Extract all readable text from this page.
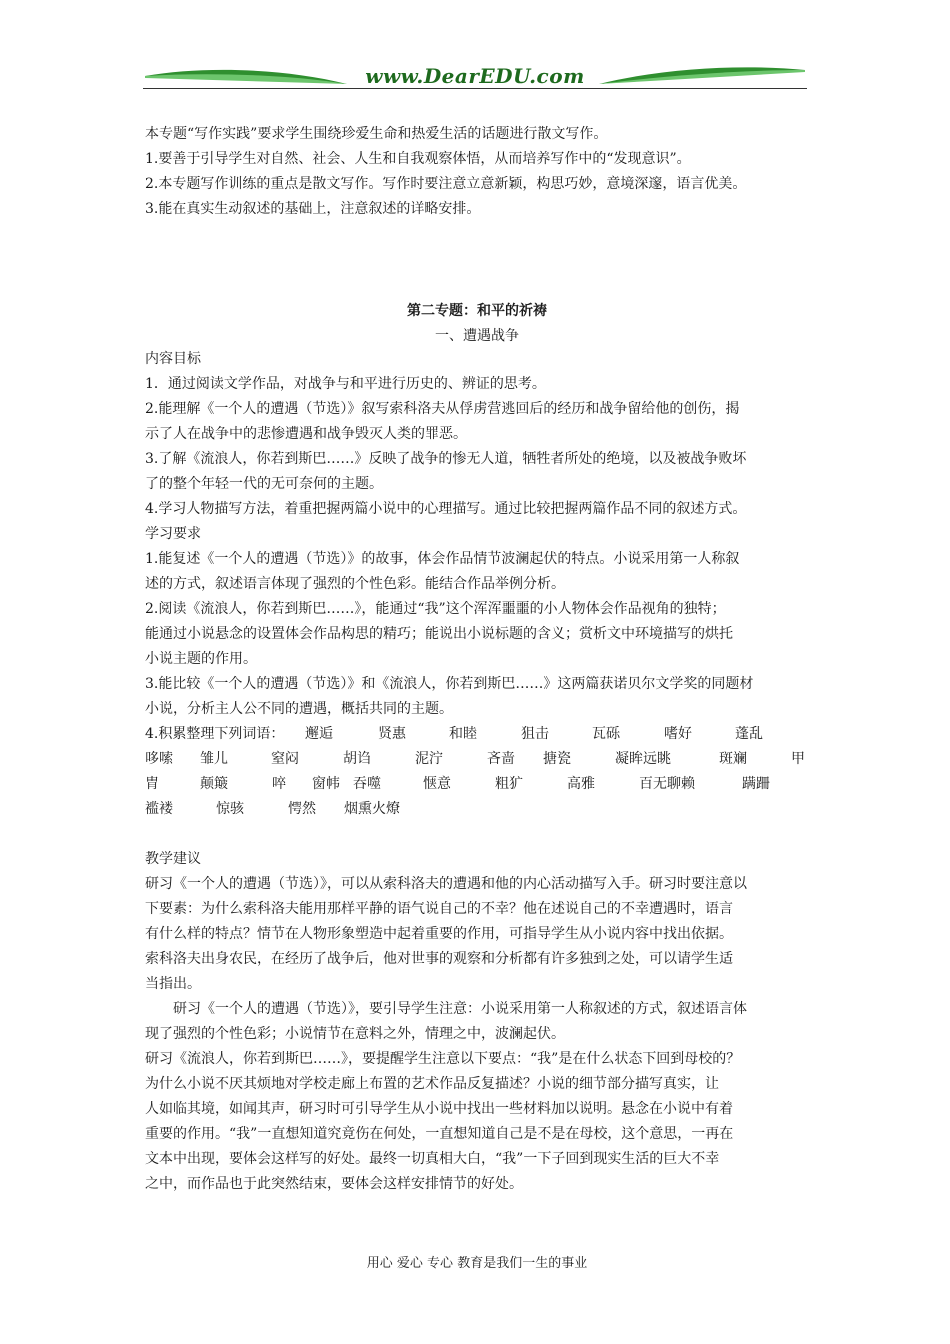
www.DearEDU.com

本专题“写作实践”要求学生围绕珍爱生命和热爱生活的话题进行散文写作。

1.要善于引导学生对自然、社会、人生和自我观察体悟，从而培养写作中的“发现意识”。

2.本专题写作训练的重点是散文写作。写作时要注意立意新颖，构思巧妙，意境深邃，语言优美。

3.能在真实生动叙述的基础上，注意叙述的详略安排。

第二专题：和平的祈祷

一、遭遇战争

内容目标

1．通过阅读文学作品，对战争与和平进行历史的、辨证的思考。

2.能理解《一个人的遭遇（节选）》叙写索科洛夫从俘虏营逃回后的经历和战争留给他的创伤，揭

示了人在战争中的悲惨遭遇和战争毁灭人类的罪恶。

3.了解《流浪人，你若到斯巴……》反映了战争的惨无人道，牺牲者所处的绝境，以及被战争败坏

了的整个年轻一代的无可奈何的主题。

4.学习人物描写方法，着重把握两篇小说中的心理描写。通过比较把握两篇作品不同的叙述方式。

学习要求

1.能复述《一个人的遭遇（节选）》的故事，体会作品情节波澜起伏的特点。小说采用第一人称叙

述的方式，叙述语言体现了强烈的个性色彩。能结合作品举例分析。

2.阅读《流浪人，你若到斯巴……》，能通过“我”这个浑浑噩噩的小人物体会作品视角的独特；

能通过小说悬念的设置体会作品构思的精巧；能说出小说标题的含义；赏析文中环境描写的烘托

小说主题的作用。

3.能比较《一个人的遭遇（节选）》和《流浪人，你若到斯巴……》这两篇获诺贝尔文学奖的同题材

小说，分析主人公不同的遭遇，概括共同的主题。

4.积累整理下列词语： 邂逅	贤惠	和睦	狙击	瓦砾	嗜好	蓬乱
哆嗦 雏儿	窒闷	胡诌	泥泞	吝啬 搪瓷	凝眸远眺	斑斓	甲
胄	颠簸	啐 窗帏 吞噬	惬意	粗犷	高雅	百无聊赖	蹒跚
褴褛	惊骇	愕然 烟熏火燎

教学建议

研习《一个人的遭遇（节选）》，可以从索科洛夫的遭遇和他的内心活动描写入手。研习时要注意以

下要素：为什么索科洛夫能用那样平静的语气说自己的不幸？他在述说自己的不幸遭遇时，语言

有什么样的特点？情节在人物形象塑造中起着重要的作用，可指导学生从小说内容中找出依据。

索科洛夫出身农民，在经历了战争后，他对世事的观察和分析都有许多独到之处，可以请学生适

当指出。

　　研习《一个人的遭遇（节选）》，要引导学生注意：小说采用第一人称叙述的方式，叙述语言体

现了强烈的个性色彩；小说情节在意料之外，情理之中，波澜起伏。

研习《流浪人，你若到斯巴……》，要提醒学生注意以下要点：“我”是在什么状态下回到母校的？

为什么小说不厌其烦地对学校走廊上布置的艺术作品反复描述？小说的细节部分描写真实，让

人如临其境，如闻其声，研习时可引导学生从小说中找出一些材料加以说明。悬念在小说中有着

重要的作用。“我”一直想知道究竟伤在何处，一直想知道自己是不是在母校，这个意思，一再在

文本中出现，要体会这样写的好处。最终一切真相大白，“我”一下子回到现实生活的巨大不幸

之中，而作品也于此突然结束，要体会这样安排情节的好处。

用心 爱心 专心 教育是我们一生的事业
